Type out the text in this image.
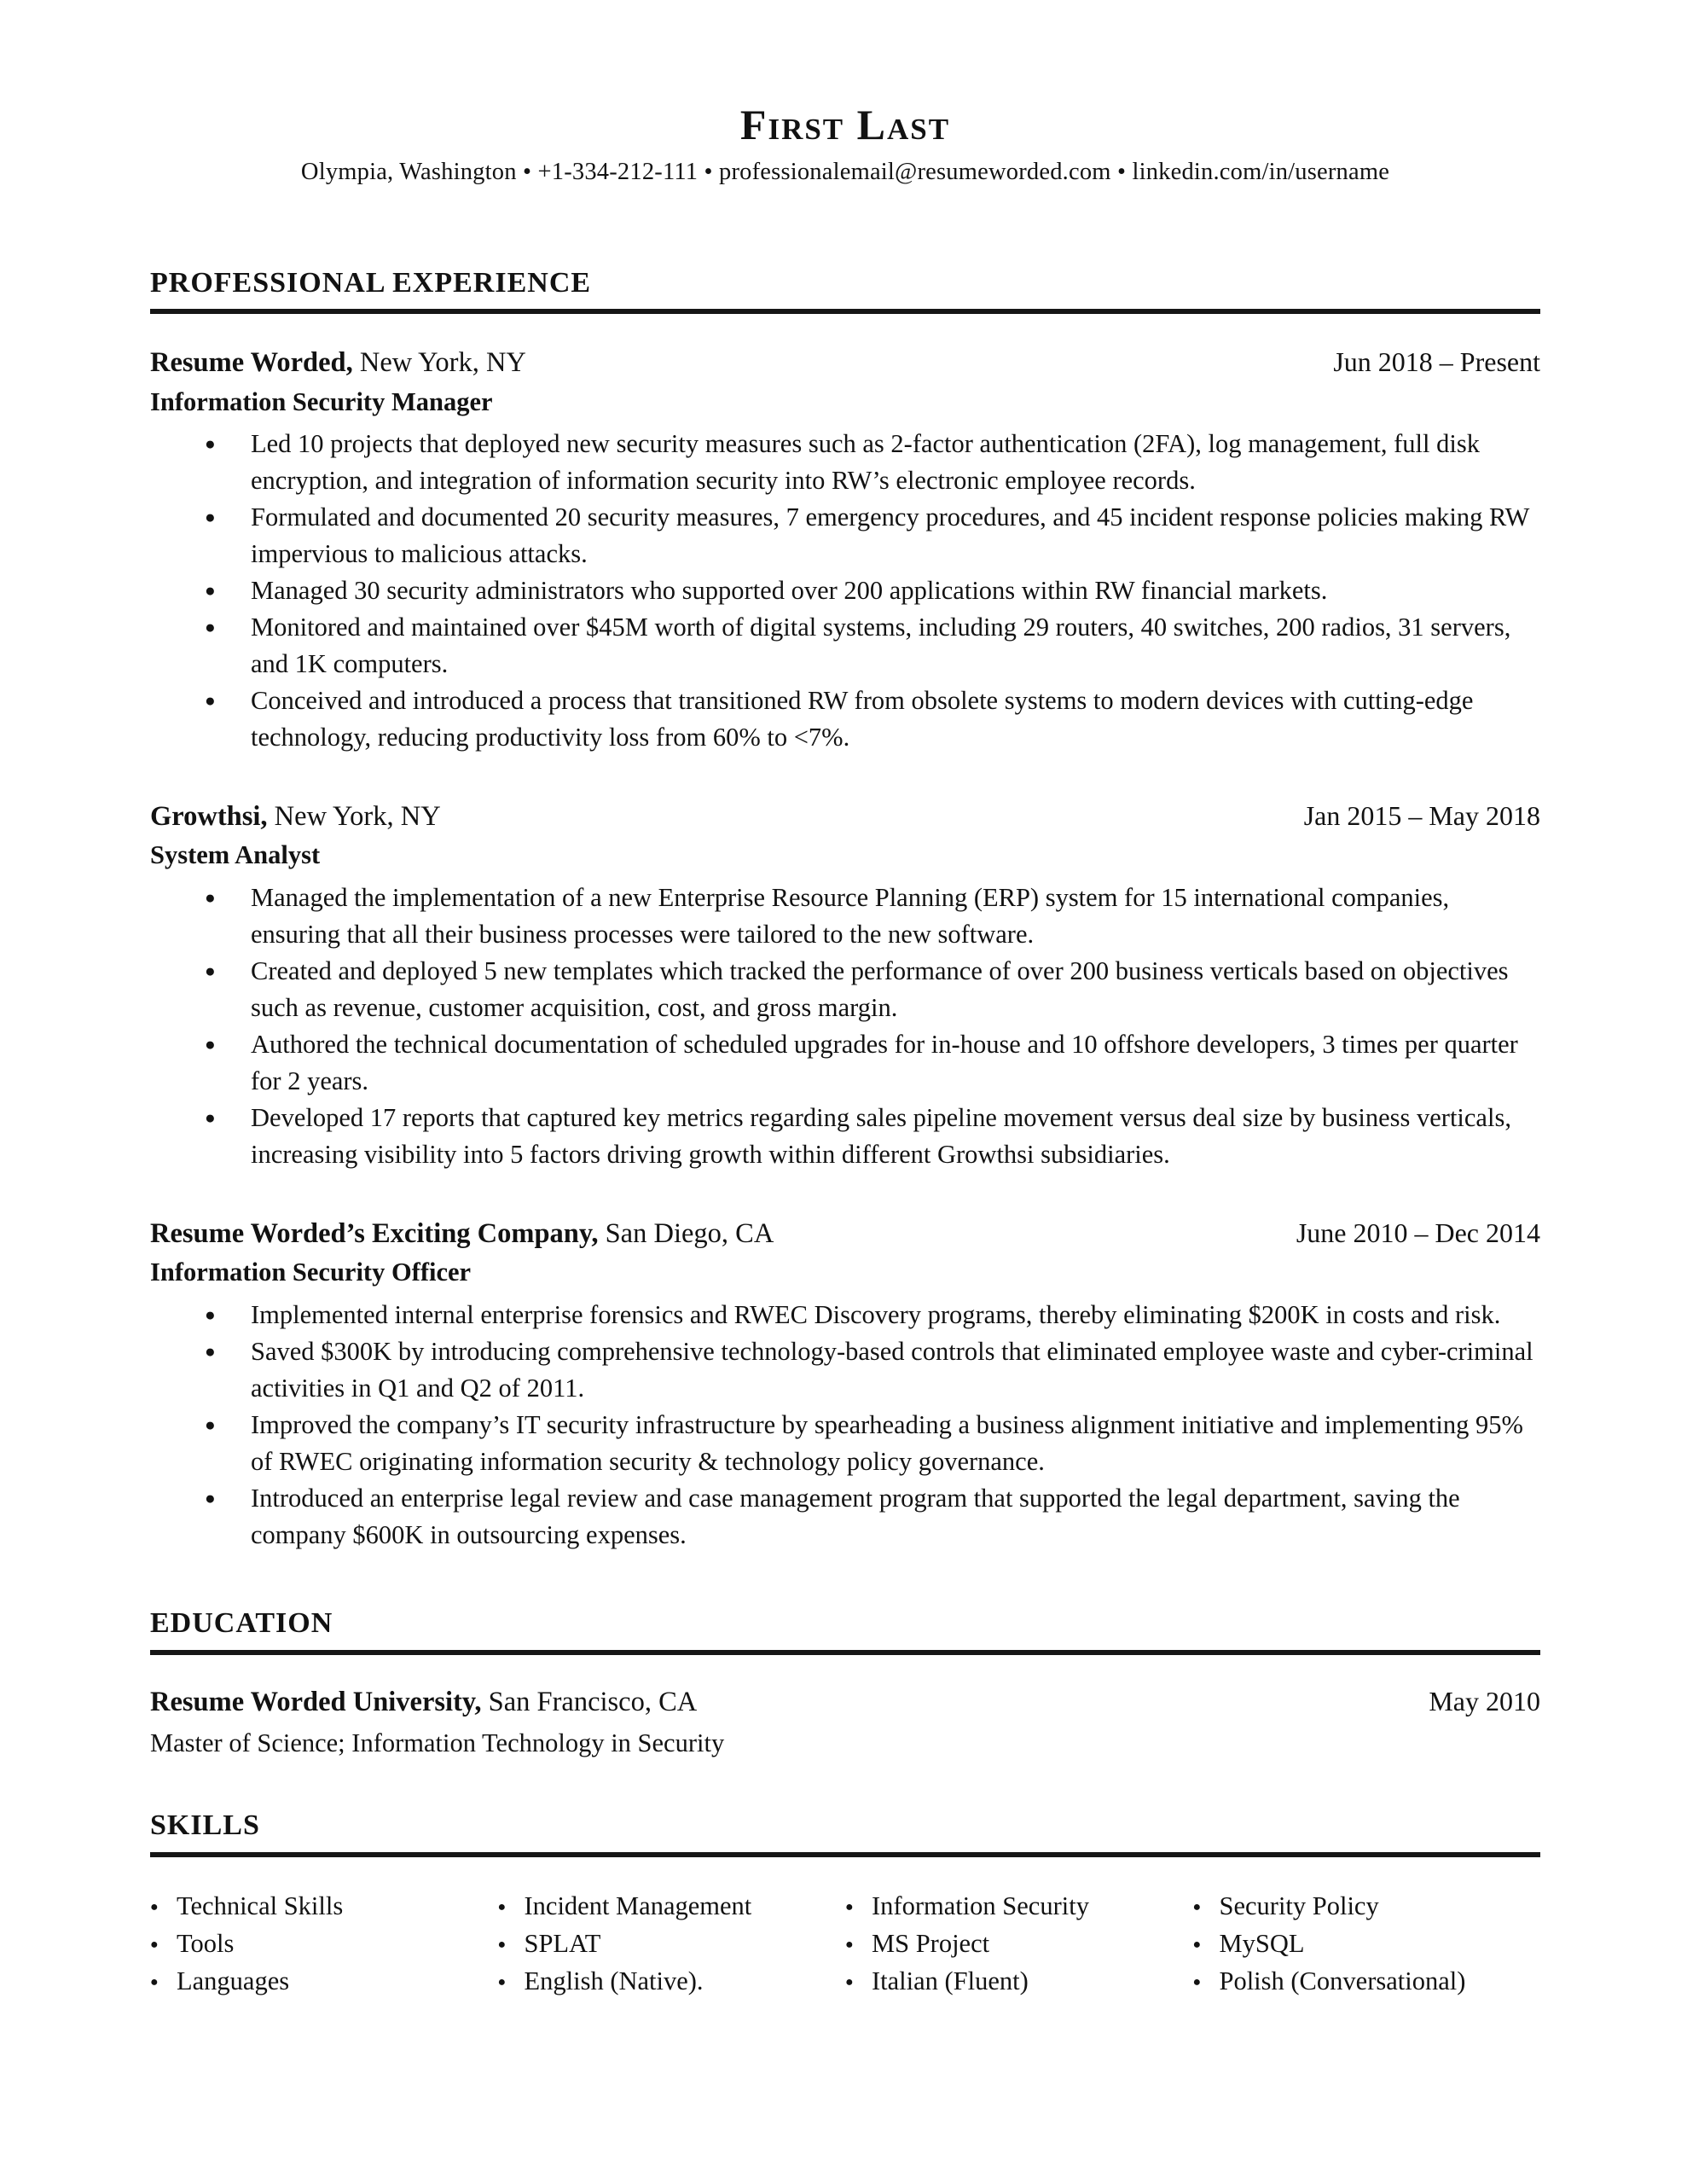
First Last
Olympia, Washington • +1-334-212-111 • professionalemail@resumeworded.com • linkedin.com/in/username
PROFESSIONAL EXPERIENCE
Resume Worded, New York, NY	Jun 2018 – Present
Information Security Manager
● Led 10 projects that deployed new security measures such as 2-factor authentication (2FA), log management, full disk encryption, and integration of information security into RW’s electronic employee records.
● Formulated and documented 20 security measures, 7 emergency procedures, and 45 incident response policies making RW impervious to malicious attacks.
● Managed 30 security administrators who supported over 200 applications within RW financial markets.
● Monitored and maintained over $45M worth of digital systems, including 29 routers, 40 switches, 200 radios, 31 servers, and 1K computers.
● Conceived and introduced a process that transitioned RW from obsolete systems to modern devices with cutting-edge technology, reducing productivity loss from 60% to <7%.
Growthsi, New York, NY	Jan 2015 – May 2018
System Analyst
● Managed the implementation of a new Enterprise Resource Planning (ERP) system for 15 international companies, ensuring that all their business processes were tailored to the new software.
● Created and deployed 5 new templates which tracked the performance of over 200 business verticals based on objectives such as revenue, customer acquisition, cost, and gross margin.
● Authored the technical documentation of scheduled upgrades for in-house and 10 offshore developers, 3 times per quarter for 2 years.
● Developed 17 reports that captured key metrics regarding sales pipeline movement versus deal size by business verticals, increasing visibility into 5 factors driving growth within different Growthsi subsidiaries.
Resume Worded’s Exciting Company, San Diego, CA	June 2010 – Dec 2014
Information Security Officer
● Implemented internal enterprise forensics and RWEC Discovery programs, thereby eliminating $200K in costs and risk.
● Saved $300K by introducing comprehensive technology-based controls that eliminated employee waste and cyber-criminal activities in Q1 and Q2 of 2011.
● Improved the company’s IT security infrastructure by spearheading a business alignment initiative and implementing 95% of RWEC originating information security & technology policy governance.
● Introduced an enterprise legal review and case management program that supported the legal department, saving the company $600K in outsourcing expenses.
EDUCATION
Resume Worded University, San Francisco, CA	May 2010
Master of Science; Information Technology in Security
SKILLS
● Technical Skills	● Incident Management	● Information Security	● Security Policy
● Tools	● SPLAT	● MS Project	● MySQL
● Languages	● English (Native).	● Italian (Fluent)	● Polish (Conversational)
